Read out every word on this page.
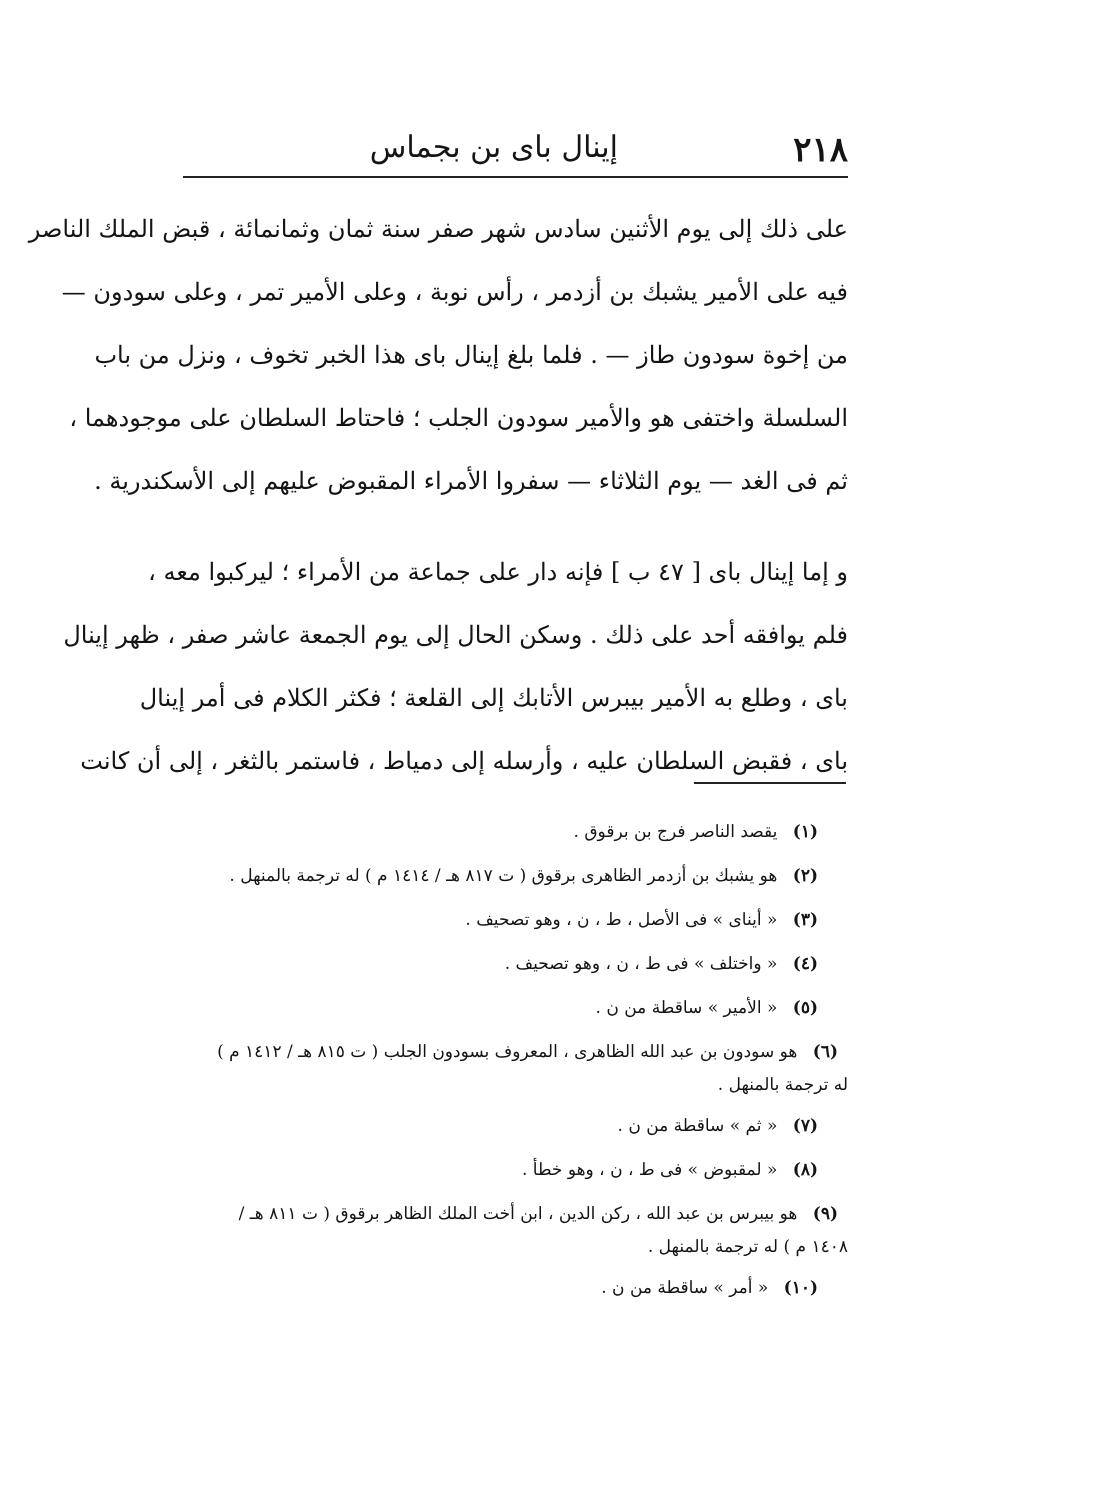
٢١٨
إينال باى بن بجماس
على ذلك إلى يوم الأثنين سادس شهر صفر سنة ثمان وثمانمائة ، قبض الملك الناصر
فيه على الأمير يشبك بن أزدمر ، رأس نوبة ، وعلى الأمير تمر ، وعلى سودون —
من إخوة سودون طاز — . فلما بلغ إينال باى هذا الخبر تخوف ، ونزل من باب
السلسلة واختفى هو والأمير سودون الجلب ؛ فاحتاط السلطان على موجودهما ،
ثم فى الغد — يوم الثلاثاء — سفروا الأمراء المقبوض عليهم إلى الأسكندرية .
و إما إينال باى [ ٤٧ ب ] فإنه دار على جماعة من الأمراء ؛ ليركبوا معه ،
فلم يوافقه أحد على ذلك . وسكن الحال إلى يوم الجمعة عاشر صفر ، ظهر إينال
باى ، وطلع به الأمير بيبرس الأتابك إلى القلعة ؛ فكثر الكلام فى أمر إينال
باى ، فقبض السلطان عليه ، وأرسله إلى دمياط ، فاستمر بالثغر ، إلى أن كانت
(١) يقصد الناصر فرج بن برقوق .
(٢) هو يشبك بن أزدمر الظاهرى برقوق ( ت ٨١٧ هـ / ١٤١٤ م ) له ترجمة بالمنهل .
(٣) « أيناى » فى الأصل ، ط ، ن ، وهو تصحيف .
(٤) « واختلف » فى ط ، ن ، وهو تصحيف .
(٥) « الأمير » ساقطة من ن .
(٦) هو سودون بن عبد الله الظاهرى ، المعروف بسودون الجلب ( ت ٨١٥ هـ / ١٤١٢ م )
له ترجمة بالمنهل .
(٧) « ثم » ساقطة من ن .
(٨) « لمقبوض » فى ط ، ن ، وهو خطأ .
(٩) هو بيبرس بن عبد الله ، ركن الدين ، ابن أخت الملك الظاهر برقوق ( ت ٨١١ هـ /
١٤٠٨ م ) له ترجمة بالمنهل .
(١٠) « أمر » ساقطة من ن .
